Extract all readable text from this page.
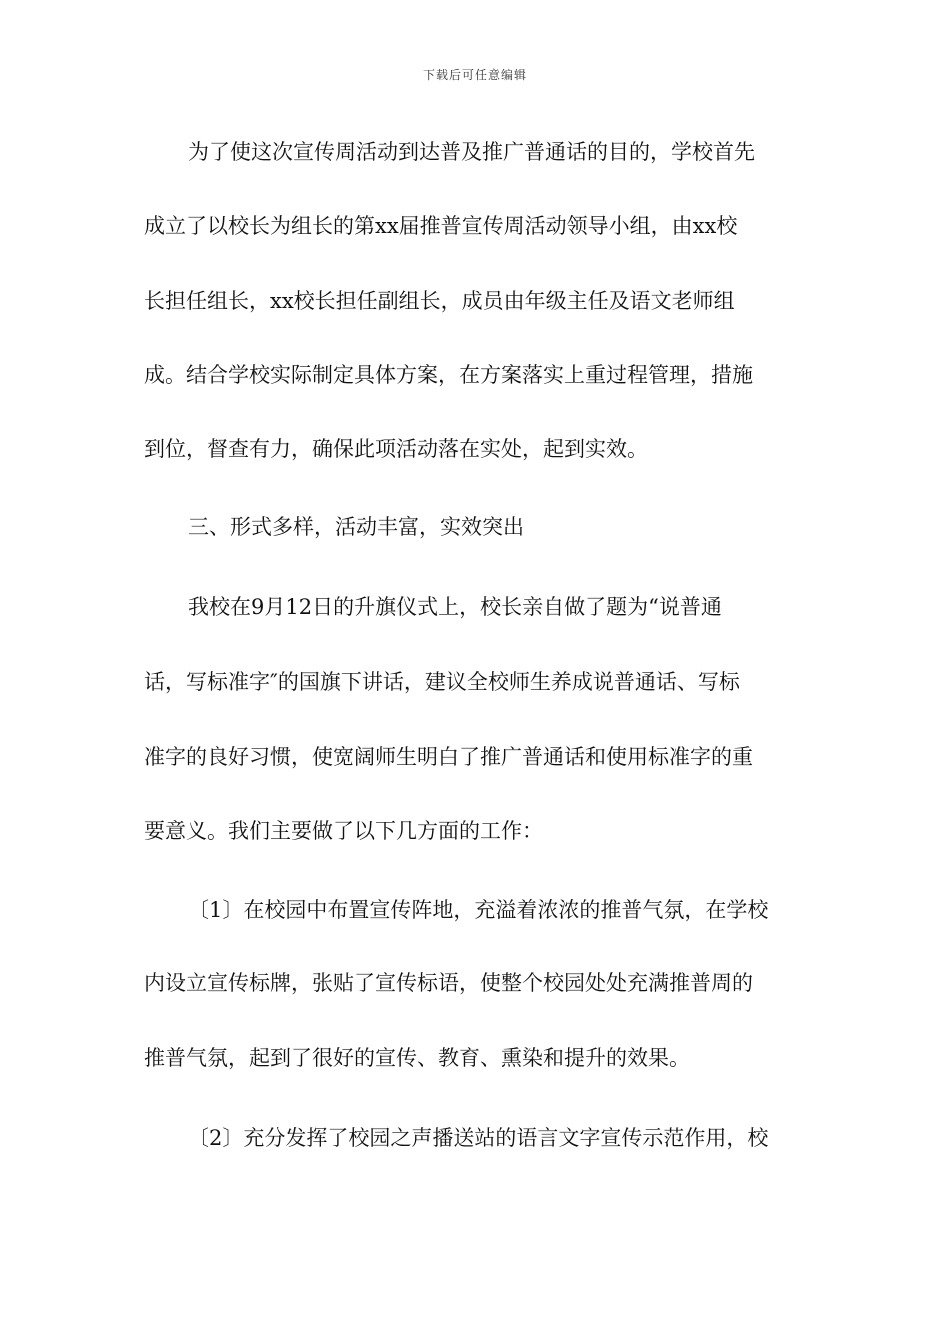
下载后可任意编辑
为了使这次宣传周活动到达普及推广普通话的目的，学校首先
成立了以校长为组长的第xx届推普宣传周活动领导小组，由xx校
长担任组长，xx校长担任副组长，成员由年级主任及语文老师组
成。结合学校实际制定具体方案，在方案落实上重过程管理，措施
到位，督查有力，确保此项活动落在实处，起到实效。
三、形式多样，活动丰富，实效突出
我校在9月12日的升旗仪式上，校长亲自做了题为“说普通
话，写标准字″的国旗下讲话，建议全校师生养成说普通话、写标
准字的良好习惯，使宽阔师生明白了推广普通话和使用标准字的重
要意义。我们主要做了以下几方面的工作：
〔1〕在校园中布置宣传阵地，充溢着浓浓的推普气氛，在学校
内设立宣传标牌，张贴了宣传标语，使整个校园处处充满推普周的
推普气氛，起到了很好的宣传、教育、熏染和提升的效果。
〔2〕充分发挥了校园之声播送站的语言文字宣传示范作用，校
